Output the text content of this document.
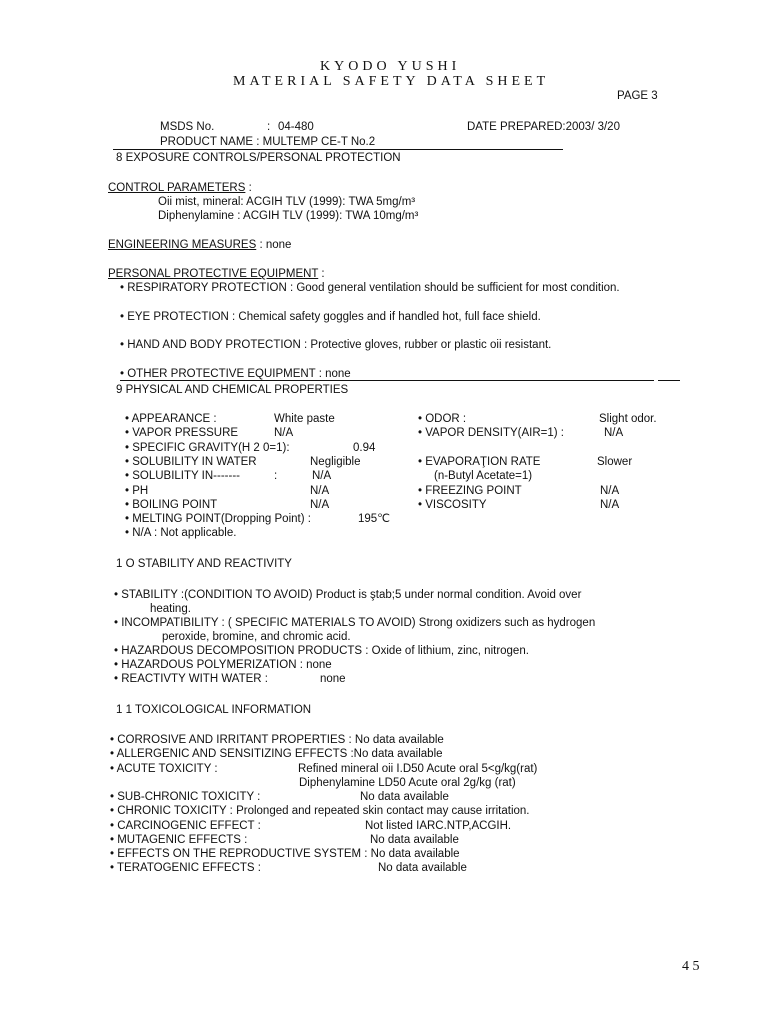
KYODO YUSHI
MATERIAL SAFETY DATA SHEET
PAGE 3
MSDS No.	: 04-480	DATE PREPARED:2003/ 3/20
PRODUCT NAME : MULTEMP CE-T No.2
8 EXPOSURE CONTROLS/PERSONAL PROTECTION
CONTROL PARAMETERS :
Oii mist, mineral: ACGIH TLV (1999): TWA 5mg/m³
Diphenylamine : ACGIH TLV (1999): TWA 10mg/m³
ENGINEERING MEASURES : none
PERSONAL PROTECTIVE EQUIPMENT :
• RESPIRATORY PROTECTION : Good general ventilation should be sufficient for most condition.
• EYE PROTECTION : Chemical safety goggles and if handled hot, full face shield.
• HAND AND BODY PROTECTION : Protective gloves, rubber or plastic oii resistant.
• OTHER PROTECTIVE EQUIPMENT : none
9 PHYSICAL AND CHEMICAL PROPERTIES
• APPEARANCE :	White paste	• ODOR :	Slight odor.
• VAPOR PRESSURE	N/A	• VAPOR DENSITY(AIR=1) :	N/A
• SPECIFIC GRAVITY(H 2 0=1):	0.94
• SOLUBILITY IN WATER	Negligible	• EVAPORAŢION RATE	Slower
• SOLUBILITY IN-------	:	N/A	(n-Butyl Acetate=1)
• PH	N/A	• FREEZING POINT	N/A
• BOILING POINT	N/A	• VISCOSITY	N/A
• MELTING POINT(Dropping Point) :	195℃
• N/A : Not applicable.
1 O STABILITY AND REACTIVITY
• STABILITY :(CONDITION TO AVOID) Product is ştab;5 under normal condition. Avoid over
heating.
• INCOMPATIBILITY : ( SPECIFIC MATERIALS TO AVOID) Strong oxidizers such as hydrogen
peroxide, bromine, and chromic acid.
• HAZARDOUS DECOMPOSITION PRODUCTS : Oxide of lithium, zinc, nitrogen.
• HAZARDOUS POLYMERIZATION : none
• REACTIVTY WITH WATER :	none
1 1 TOXICOLOGICAL INFORMATION
• CORROSIVE AND IRRITANT PROPERTIES : No data available
• ALLERGENIC AND SENSITIZING EFFECTS :No data available
• ACUTE TOXICITY :	Refined mineral oii I.D50 Acute oral 5<g/kg(rat)
Diphenylamine LD50 Acute oral 2g/kg (rat)
• SUB-CHRONIC TOXICITY :	No data available
• CHRONIC TOXICITY : Prolonged and repeated skin contact may cause irritation.
• CARCINOGENIC EFFECT :	Not listed IARC.NTP,ACGIH.
• MUTAGENIC EFFECTS :	No data available
• EFFECTS ON THE REPRODUCTIVE SYSTEM : No data available
• TERATOGENIC EFFECTS :	No data available
4 5
